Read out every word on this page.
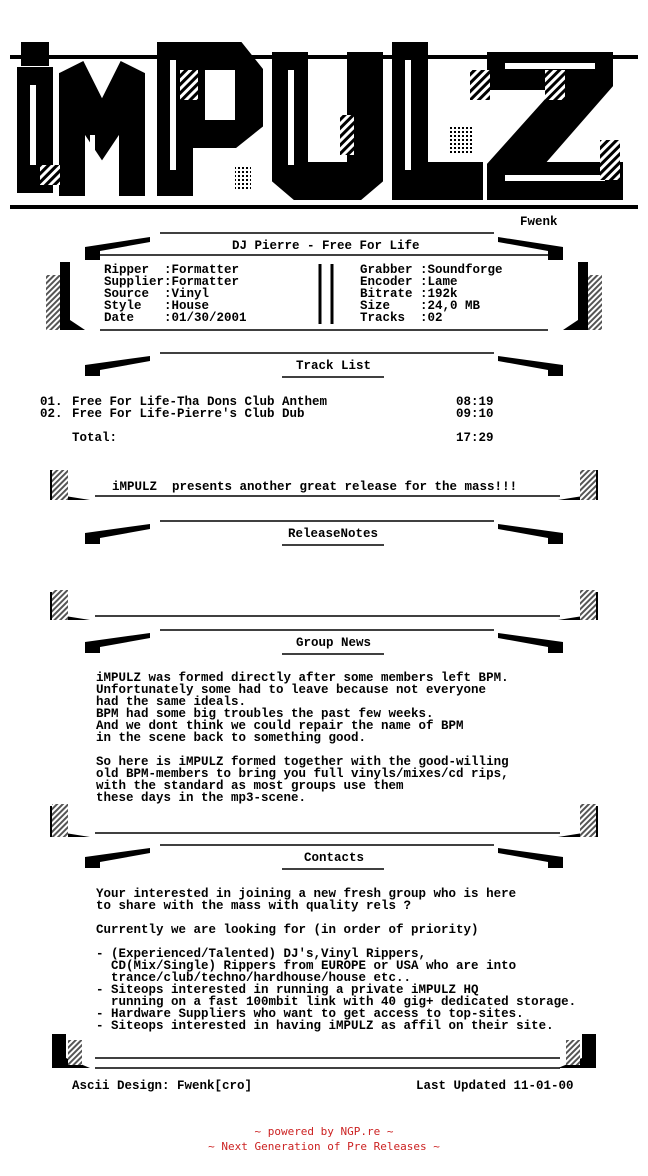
Fwenk
DJ Pierre - Free For Life
Ripper  :Formatter
Supplier:Formatter
Source  :Vinyl
Style   :House
Date    :01/30/2001
Grabber :Soundforge
Encoder :Lame
Bitrate :192k
Size    :24,0 MB
Tracks  :02
Track List
01. Free For Life-Tha Dons Club Anthem	08:19
02. Free For Life-Pierre's Club Dub	09:10
Total:	17:29
iMPULZ  presents another great release for the mass!!!
ReleaseNotes
Group News
iMPULZ was formed directly after some members left BPM.
Unfortunately some had to leave because not everyone
had the same ideals.
BPM had some big troubles the past few weeks.
And we dont think we could repair the name of BPM
in the scene back to something good.
So here is iMPULZ formed together with the good-willing
old BPM-members to bring you full vinyls/mixes/cd rips,
with the standard as most groups use them
these days in the mp3-scene.
Contacts
Your interested in joining a new fresh group who is here
to share with the mass with quality rels ?
Currently we are looking for (in order of priority)
- (Experienced/Talented) DJ's,Vinyl Rippers,
CD(Mix/Single) Rippers from EUROPE or USA who are into
trance/club/techno/hardhouse/house etc..
- Siteops interested in running a private iMPULZ HQ
running on a fast 100mbit link with 40 gig+ dedicated storage.
- Hardware Suppliers who want to get access to top-sites.
- Siteops interested in having iMPULZ as affil on their site.
Ascii Design: Fwenk[cro]	Last Updated 11-01-00
~ powered by NGP.re ~
~ Next Generation of Pre Releases ~
